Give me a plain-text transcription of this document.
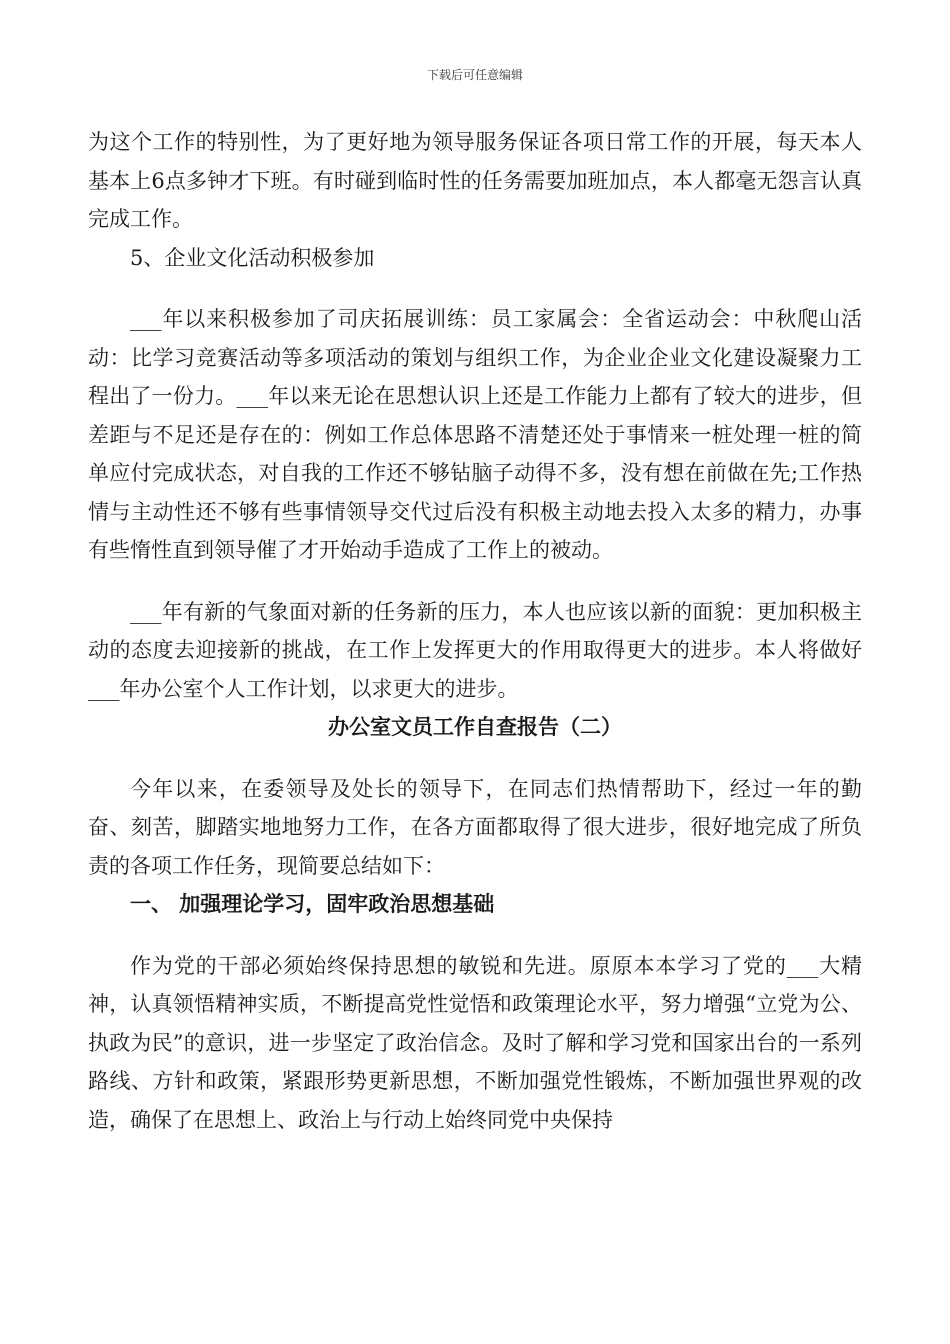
下载后可任意编辑

为这个工作的特别性，为了更好地为领导服务保证各项日常工作的开展，每天本人基本上6点多钟才下班。有时碰到临时性的任务需要加班加点，本人都毫无怨言认真完成工作。

5、企业文化活动积极参加

___年以来积极参加了司庆拓展训练：员工家属会：全省运动会：中秋爬山活动：比学习竞赛活动等多项活动的策划与组织工作，为企业企业文化建设凝聚力工程出了一份力。___年以来无论在思想认识上还是工作能力上都有了较大的进步，但差距与不足还是存在的：例如工作总体思路不清楚还处于事情来一桩处理一桩的简单应付完成状态，对自我的工作还不够钻脑子动得不多，没有想在前做在先;工作热情与主动性还不够有些事情领导交代过后没有积极主动地去投入太多的精力，办事有些惰性直到领导催了才开始动手造成了工作上的被动。

___年有新的气象面对新的任务新的压力，本人也应该以新的面貌：更加积极主动的态度去迎接新的挑战，在工作上发挥更大的作用取得更大的进步。本人将做好___年办公室个人工作计划，以求更大的进步。

办公室文员工作自查报告（二）

今年以来，在委领导及处长的领导下，在同志们热情帮助下，经过一年的勤奋、刻苦，脚踏实地地努力工作，在各方面都取得了很大进步，很好地完成了所负责的各项工作任务，现简要总结如下：

一、 加强理论学习，固牢政治思想基础

作为党的干部必须始终保持思想的敏锐和先进。原原本本学习了党的___大精神，认真领悟精神实质，不断提高党性觉悟和政策理论水平，努力增强“立党为公、执政为民”的意识，进一步坚定了政治信念。及时了解和学习党和国家出台的一系列路线、方针和政策，紧跟形势更新思想，不断加强党性锻炼，不断加强世界观的改造，确保了在思想上、政治上与行动上始终同党中央保持
